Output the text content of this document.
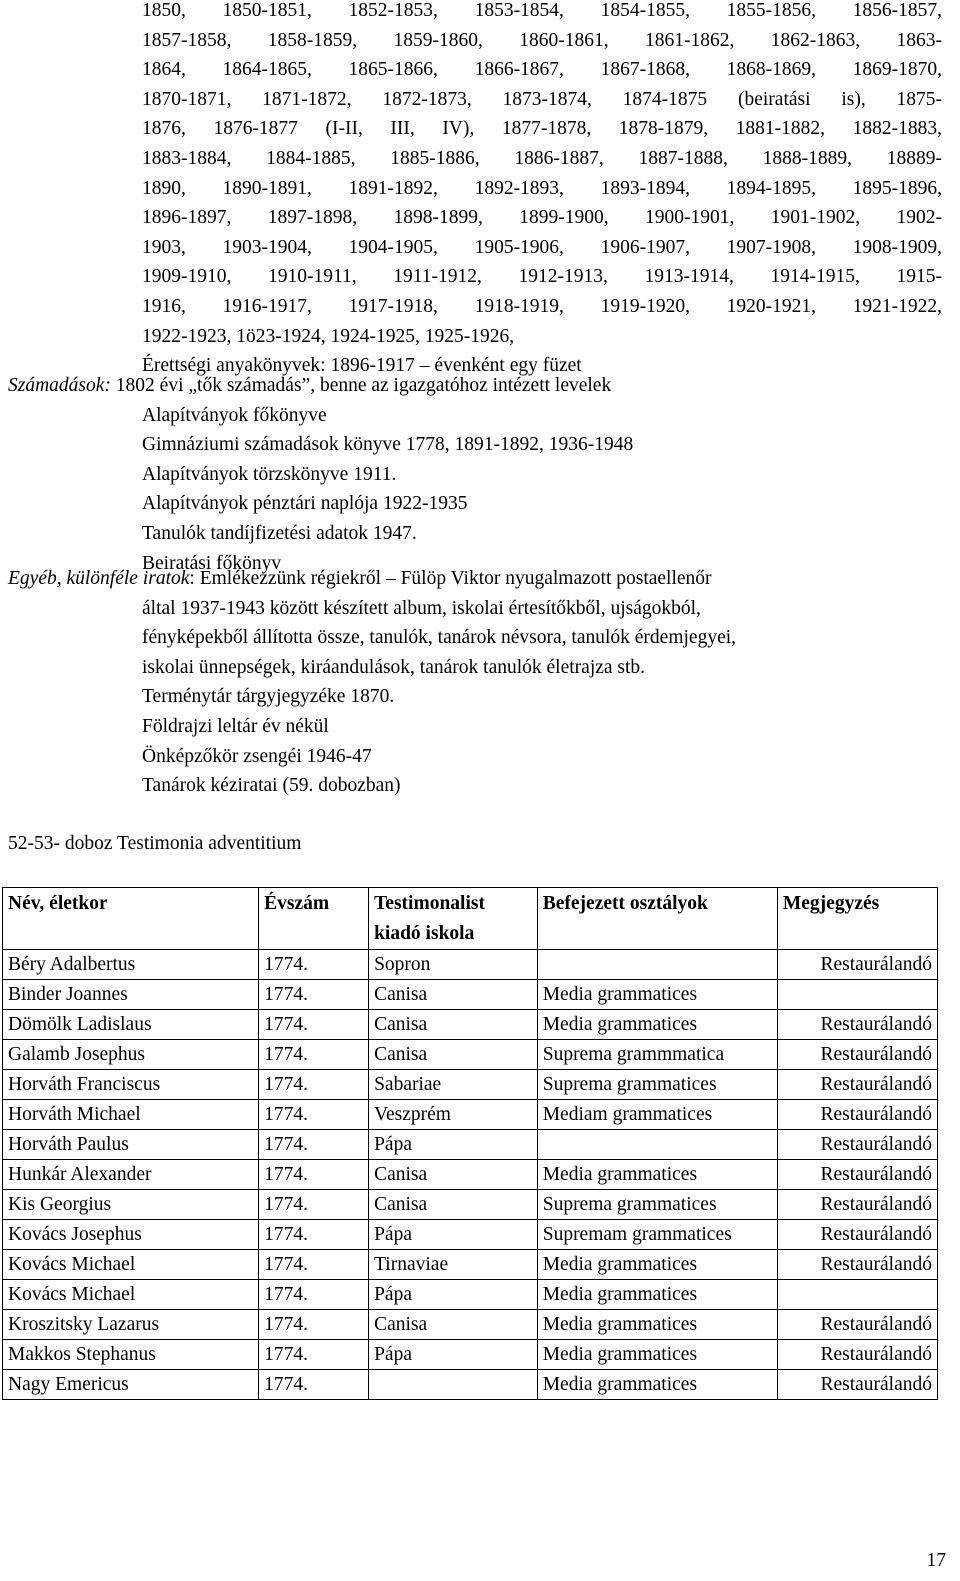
1850, 1850-1851, 1852-1853, 1853-1854, 1854-1855, 1855-1856, 1856-1857,
1857-1858, 1858-1859, 1859-1860, 1860-1861, 1861-1862, 1862-1863, 1863-
1864, 1864-1865, 1865-1866, 1866-1867, 1867-1868, 1868-1869, 1869-1870,
1870-1871, 1871-1872, 1872-1873, 1873-1874, 1874-1875 (beiratási is), 1875-
1876, 1876-1877 (I-II, III, IV), 1877-1878, 1878-1879, 1881-1882, 1882-1883,
1883-1884, 1884-1885, 1885-1886, 1886-1887, 1887-1888, 1888-1889, 18889-
1890, 1890-1891, 1891-1892, 1892-1893, 1893-1894, 1894-1895, 1895-1896,
1896-1897, 1897-1898, 1898-1899, 1899-1900, 1900-1901, 1901-1902, 1902-
1903, 1903-1904, 1904-1905, 1905-1906, 1906-1907, 1907-1908, 1908-1909,
1909-1910, 1910-1911, 1911-1912, 1912-1913, 1913-1914, 1914-1915, 1915-
1916, 1916-1917, 1917-1918, 1918-1919, 1919-1920, 1920-1921, 1921-1922,
1922-1923, 1ö23-1924, 1924-1925, 1925-1926,
Érettségi anyakönyvek: 1896-1917 – évenként egy füzet
Számadások: 1802 évi „tők számadás”, benne az igazgatóhoz intézett levelek
Alapítványok főkönyve
Gimnáziumi számadások könyve 1778, 1891-1892, 1936-1948
Alapítványok törzskönyve 1911.
Alapítványok pénztári naplója 1922-1935
Tanulók tandíjfizetési adatok 1947.
Beiratási főkönyv
Egyéb, különféle iratok: Emlékezzünk régiekről – Fülöp Viktor nyugalmazott postaellenőr
által 1937-1943 között készített album, iskolai értesítőkből, ujságokból,
fényképekből állította össze, tanulók, tanárok névsora, tanulók érdemjegyei,
iskolai ünnepségek, kiráandulások, tanárok tanulók életrajza stb.
Terménytár tárgyjegyzéke 1870.
Földrajzi leltár év nékül
Önképzőkör zsengéi 1946-47
Tanárok kéziratai (59. dobozban)
52-53- doboz Testimonia adventitium
Név, életkor	Évszám	Testimonalist kiadó iskola	Befejezett osztályok	Megjegyzés
Béry Adalbertus	1774.	Sopron		Restaurálandó
Binder Joannes	1774.	Canisa	Media grammatices	
Dömölk Ladislaus	1774.	Canisa	Media grammatices	Restaurálandó
Galamb Josephus	1774.	Canisa	Suprema grammmatica	Restaurálandó
Horváth Franciscus	1774.	Sabariae	Suprema grammatices	Restaurálandó
Horváth Michael	1774.	Veszprém	Mediam grammatices	Restaurálandó
Horváth Paulus	1774.	Pápa		Restaurálandó
Hunkár Alexander	1774.	Canisa	Media grammatices	Restaurálandó
Kis Georgius	1774.	Canisa	Suprema grammatices	Restaurálandó
Kovács Josephus	1774.	Pápa	Supremam grammatices	Restaurálandó
Kovács Michael	1774.	Tirnaviae	Media grammatices	Restaurálandó
Kovács Michael	1774.	Pápa	Media grammatices	
Kroszitsky Lazarus	1774.	Canisa	Media grammatices	Restaurálandó
Makkos Stephanus	1774.	Pápa	Media grammatices	Restaurálandó
Nagy Emericus	1774.		Media grammatices	Restaurálandó
17
